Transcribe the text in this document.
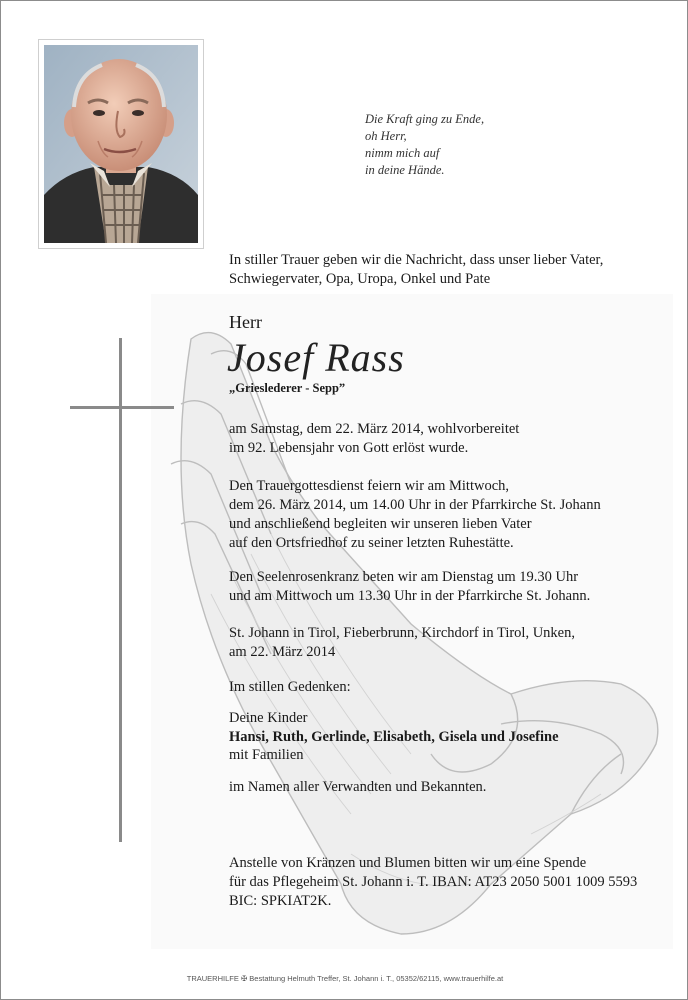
Die Kraft ging zu Ende,
oh Herr,
nimm mich auf
in deine Hände.
In stiller Trauer geben wir die Nachricht, dass unser lieber Vater,
Schwiegervater, Opa, Uropa, Onkel und Pate
Herr
Josef Rass
„Grieslederer - Sepp”
am Samstag, dem 22. März 2014, wohlvorbereitet
im 92. Lebensjahr von Gott erlöst wurde.
Den Trauergottesdienst feiern wir am Mittwoch,
dem 26. März 2014, um 14.00 Uhr in der Pfarrkirche St. Johann
und anschließend begleiten wir unseren lieben Vater
auf den Ortsfriedhof zu seiner letzten Ruhestätte.
Den Seelenrosenkranz beten wir am Dienstag um 19.30 Uhr
und am Mittwoch um 13.30 Uhr in der Pfarrkirche St. Johann.
St. Johann in Tirol, Fieberbrunn, Kirchdorf in Tirol, Unken,
am 22. März 2014
Im stillen Gedenken:
Deine Kinder
Hansi, Ruth, Gerlinde, Elisabeth, Gisela und Josefine
mit Familien
im Namen aller Verwandten und Bekannten.
Anstelle von Kränzen und Blumen bitten wir um eine Spende
für das Pflegeheim St. Johann i. T. IBAN: AT23 2050 5001 1009 5593
BIC: SPKIAT2K.
TRAUERHILFE ✠ Bestattung Helmuth Treffer, St. Johann i. T., 05352/62115, www.trauerhilfe.at
